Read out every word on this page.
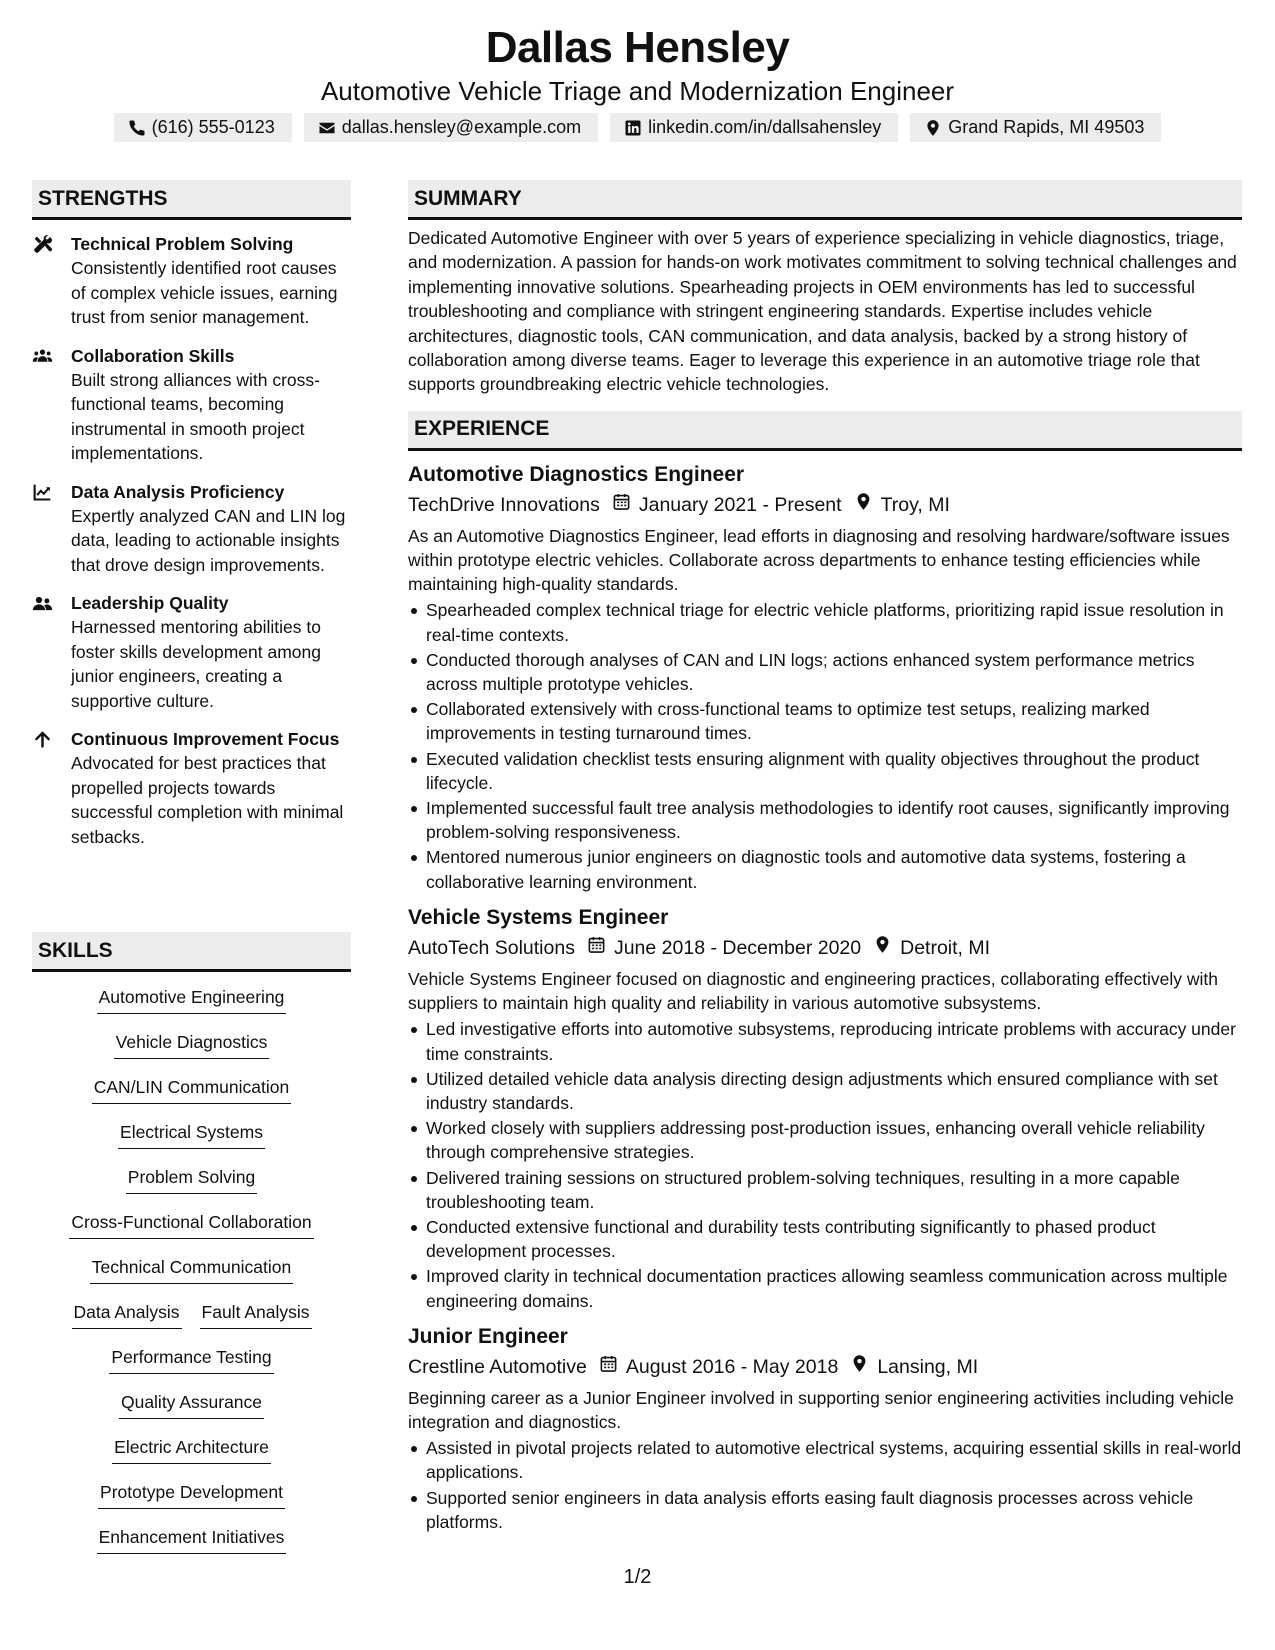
Dallas Hensley
Automotive Vehicle Triage and Modernization Engineer
(616) 555-0123	dallas.hensley@example.com	linkedin.com/in/dallsahensley	Grand Rapids, MI 49503
STRENGTHS
Technical Problem Solving
Consistently identified root causes of complex vehicle issues, earning trust from senior management.
Collaboration Skills
Built strong alliances with cross-functional teams, becoming instrumental in smooth project implementations.
Data Analysis Proficiency
Expertly analyzed CAN and LIN log data, leading to actionable insights that drove design improvements.
Leadership Quality
Harnessed mentoring abilities to foster skills development among junior engineers, creating a supportive culture.
Continuous Improvement Focus
Advocated for best practices that propelled projects towards successful completion with minimal setbacks.
SKILLS
Automotive Engineering
Vehicle Diagnostics
CAN/LIN Communication
Electrical Systems
Problem Solving
Cross-Functional Collaboration
Technical Communication
Data Analysis Fault Analysis
Performance Testing
Quality Assurance
Electric Architecture
Prototype Development
Enhancement Initiatives
SUMMARY
Dedicated Automotive Engineer with over 5 years of experience specializing in vehicle diagnostics, triage, and modernization. A passion for hands-on work motivates commitment to solving technical challenges and implementing innovative solutions. Spearheading projects in OEM environments has led to successful troubleshooting and compliance with stringent engineering standards. Expertise includes vehicle architectures, diagnostic tools, CAN communication, and data analysis, backed by a strong history of collaboration among diverse teams. Eager to leverage this experience in an automotive triage role that supports groundbreaking electric vehicle technologies.
EXPERIENCE
Automotive Diagnostics Engineer
TechDrive Innovations January 2021 - Present Troy, MI
As an Automotive Diagnostics Engineer, lead efforts in diagnosing and resolving hardware/software issues within prototype electric vehicles. Collaborate across departments to enhance testing efficiencies while maintaining high-quality standards.
Spearheaded complex technical triage for electric vehicle platforms, prioritizing rapid issue resolution in real-time contexts.
Conducted thorough analyses of CAN and LIN logs; actions enhanced system performance metrics across multiple prototype vehicles.
Collaborated extensively with cross-functional teams to optimize test setups, realizing marked improvements in testing turnaround times.
Executed validation checklist tests ensuring alignment with quality objectives throughout the product lifecycle.
Implemented successful fault tree analysis methodologies to identify root causes, significantly improving problem-solving responsiveness.
Mentored numerous junior engineers on diagnostic tools and automotive data systems, fostering a collaborative learning environment.
Vehicle Systems Engineer
AutoTech Solutions June 2018 - December 2020 Detroit, MI
Vehicle Systems Engineer focused on diagnostic and engineering practices, collaborating effectively with suppliers to maintain high quality and reliability in various automotive subsystems.
Led investigative efforts into automotive subsystems, reproducing intricate problems with accuracy under time constraints.
Utilized detailed vehicle data analysis directing design adjustments which ensured compliance with set industry standards.
Worked closely with suppliers addressing post-production issues, enhancing overall vehicle reliability through comprehensive strategies.
Delivered training sessions on structured problem-solving techniques, resulting in a more capable troubleshooting team.
Conducted extensive functional and durability tests contributing significantly to phased product development processes.
Improved clarity in technical documentation practices allowing seamless communication across multiple engineering domains.
Junior Engineer
Crestline Automotive August 2016 - May 2018 Lansing, MI
Beginning career as a Junior Engineer involved in supporting senior engineering activities including vehicle integration and diagnostics.
Assisted in pivotal projects related to automotive electrical systems, acquiring essential skills in real-world applications.
Supported senior engineers in data analysis efforts easing fault diagnosis processes across vehicle platforms.
1/2
